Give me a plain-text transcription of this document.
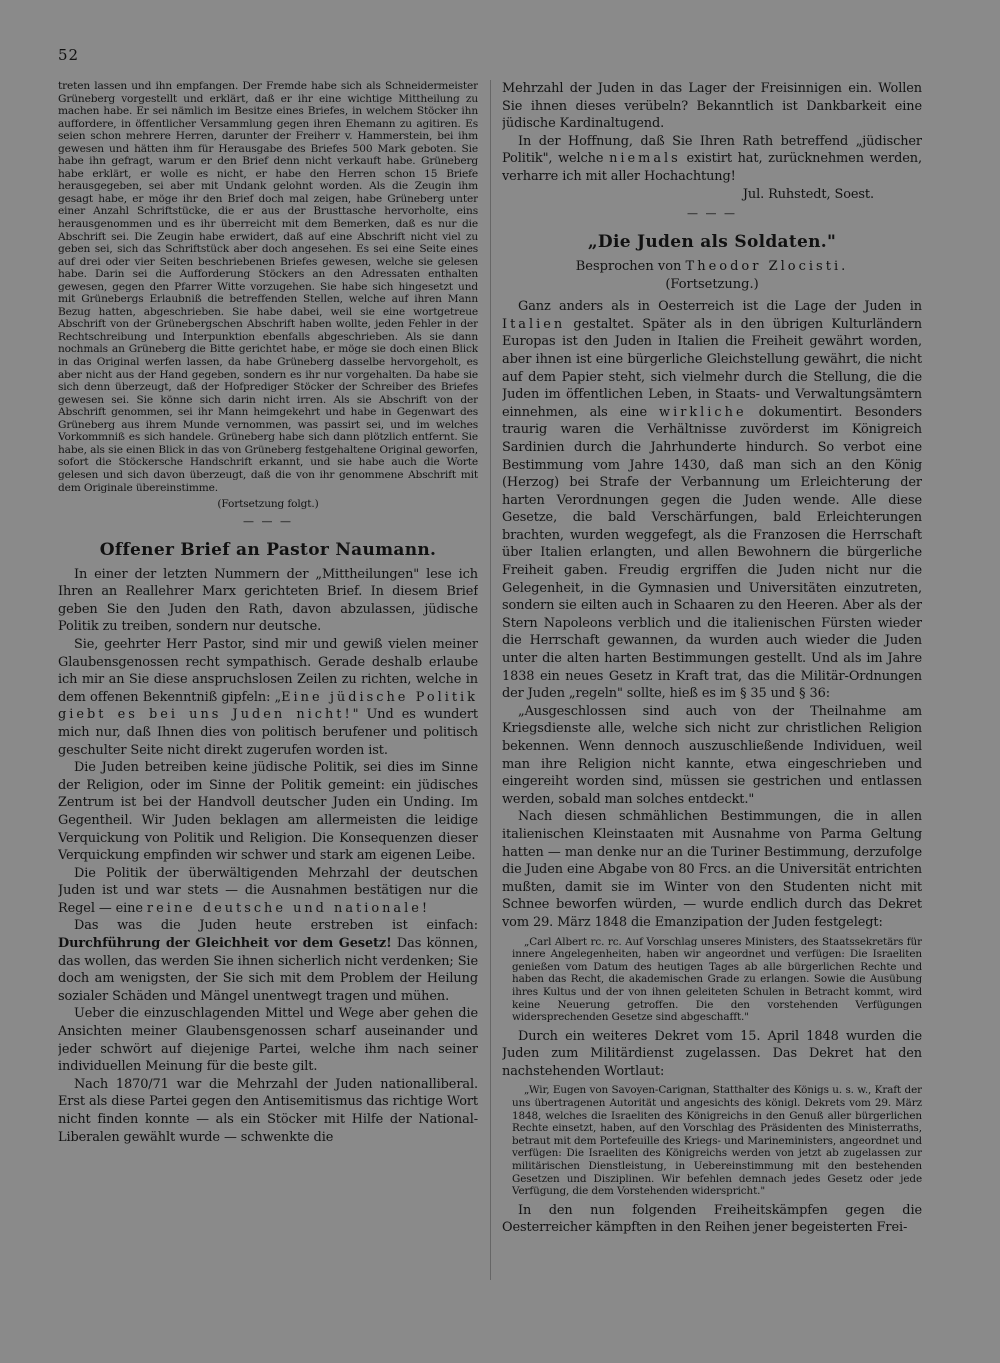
52

treten lassen und ihn empfangen. Der Fremde habe sich als Schneidermeister Grüneberg vorgestellt und erklärt, daß er ihr eine wichtige Mittheilung zu machen habe. Er sei nämlich im Besitze eines Briefes, in welchem Stöcker ihn auffordere, in öffentlicher Versammlung gegen ihren Ehemann zu agitiren. Es seien schon mehrere Herren, darunter der Freiherr v. Hammerstein, bei ihm gewesen und hätten ihm für Herausgabe des Briefes 500 Mark geboten. Sie habe ihn gefragt, warum er den Brief denn nicht verkauft habe. Grüneberg habe erklärt, er wolle es nicht, er habe den Herren schon 15 Briefe herausgegeben, sei aber mit Undank gelohnt worden. Als die Zeugin ihm gesagt habe, er möge ihr den Brief doch mal zeigen, habe Grüneberg unter einer Anzahl Schriftstücke, die er aus der Brusttasche hervorholte, eins herausgenommen und es ihr überreicht mit dem Bemerken, daß es nur die Abschrift sei. Die Zeugin habe erwidert, daß auf eine Abschrift nicht viel zu geben sei, sich das Schriftstück aber doch angesehen. Es sei eine Seite eines auf drei oder vier Seiten beschriebenen Briefes gewesen, welche sie gelesen habe. Darin sei die Aufforderung Stöckers an den Adressaten enthalten gewesen, gegen den Pfarrer Witte vorzugehen. Sie habe sich hingesetzt und mit Grünebergs Erlaubniß die betreffenden Stellen, welche auf ihren Mann Bezug hatten, abgeschrieben. Sie habe dabei, weil sie eine wortgetreue Abschrift von der Grünebergschen Abschrift haben wollte, jeden Fehler in der Rechtschreibung und Interpunktion ebenfalls abgeschrieben. Als sie dann nochmals an Grüneberg die Bitte gerichtet habe, er möge sie doch einen Blick in das Original werfen lassen, da habe Grüneberg dasselbe hervorgeholt, es aber nicht aus der Hand gegeben, sondern es ihr nur vorgehalten. Da habe sie sich denn überzeugt, daß der Hofprediger Stöcker der Schreiber des Briefes gewesen sei. Sie könne sich darin nicht irren. Als sie Abschrift von der Abschrift genommen, sei ihr Mann heimgekehrt und habe in Gegenwart des Grüneberg aus ihrem Munde vernommen, was passirt sei, und im welches Vorkommniß es sich handele. Grüneberg habe sich dann plötzlich entfernt. Sie habe, als sie einen Blick in das von Grüneberg festgehaltene Original geworfen, sofort die Stöckersche Handschrift erkannt, und sie habe auch die Worte gelesen und sich davon überzeugt, daß die von ihr genommene Abschrift mit dem Originale übereinstimme.

(Fortsetzung folgt.)

— — —
Offener Brief an Pastor Naumann.

In einer der letzten Nummern der „Mittheilungen" lese ich Ihren an Reallehrer Marx gerichteten Brief. In diesem Brief geben Sie den Juden den Rath, davon abzulassen, jüdische Politik zu treiben, sondern nur deutsche.

Sie, geehrter Herr Pastor, sind mir und gewiß vielen meiner Glaubensgenossen recht sympathisch. Gerade deshalb erlaube ich mir an Sie diese anspruchslosen Zeilen zu richten, welche in dem offenen Bekenntniß gipfeln: „Eine jüdische Politik giebt es bei uns Juden nicht!" Und es wundert mich nur, daß Ihnen dies von politisch berufener und politisch geschulter Seite nicht direkt zugerufen worden ist.

Die Juden betreiben keine jüdische Politik, sei dies im Sinne der Religion, oder im Sinne der Politik gemeint: ein jüdisches Zentrum ist bei der Handvoll deutscher Juden ein Unding. Im Gegentheil. Wir Juden beklagen am allermeisten die leidige Verquickung von Politik und Religion. Die Konsequenzen dieser Verquickung empfinden wir schwer und stark am eigenen Leibe.

Die Politik der überwältigenden Mehrzahl der deutschen Juden ist und war stets — die Ausnahmen bestätigen nur die Regel — eine reine deutsche und nationale!

Das was die Juden heute erstreben ist einfach: Durchführung der Gleichheit vor dem Gesetz! Das können, das wollen, das werden Sie ihnen sicherlich nicht verdenken; Sie doch am wenigsten, der Sie sich mit dem Problem der Heilung sozialer Schäden und Mängel unentwegt tragen und mühen.

Ueber die einzuschlagenden Mittel und Wege aber gehen die Ansichten meiner Glaubensgenossen scharf auseinander und jeder schwört auf diejenige Partei, welche ihm nach seiner individuellen Meinung für die beste gilt.

Nach 1870/71 war die Mehrzahl der Juden nationalliberal. Erst als diese Partei gegen den Antisemitismus das richtige Wort nicht finden konnte — als ein Stöcker mit Hilfe der National-Liberalen gewählt wurde — schwenkte die

Mehrzahl der Juden in das Lager der Freisinnigen ein. Wollen Sie ihnen dieses verübeln? Bekanntlich ist Dankbarkeit eine jüdische Kardinaltugend.

In der Hoffnung, daß Sie Ihren Rath betreffend „jüdischer Politik", welche niemals existirt hat, zurücknehmen werden, verharre ich mit aller Hochachtung!

Jul. Ruhstedt, Soest.

— — —
„Die Juden als Soldaten."
Besprochen von Theodor Zlocisti.
(Fortsetzung.)

Ganz anders als in Oesterreich ist die Lage der Juden in Italien gestaltet. Später als in den übrigen Kulturländern Europas ist den Juden in Italien die Freiheit gewährt worden, aber ihnen ist eine bürgerliche Gleichstellung gewährt, die nicht auf dem Papier steht, sich vielmehr durch die Stellung, die die Juden im öffentlichen Leben, in Staats- und Verwaltungsämtern einnehmen, als eine wirkliche dokumentirt. Besonders traurig waren die Verhältnisse zuvörderst im Königreich Sardinien durch die Jahrhunderte hindurch. So verbot eine Bestimmung vom Jahre 1430, daß man sich an den König (Herzog) bei Strafe der Verbannung um Erleichterung der harten Verordnungen gegen die Juden wende. Alle diese Gesetze, die bald Verschärfungen, bald Erleichterungen brachten, wurden weggefegt, als die Franzosen die Herrschaft über Italien erlangten, und allen Bewohnern die bürgerliche Freiheit gaben. Freudig ergriffen die Juden nicht nur die Gelegenheit, in die Gymnasien und Universitäten einzutreten, sondern sie eilten auch in Schaaren zu den Heeren. Aber als der Stern Napoleons verblich und die italienischen Fürsten wieder die Herrschaft gewannen, da wurden auch wieder die Juden unter die alten harten Bestimmungen gestellt. Und als im Jahre 1838 ein neues Gesetz in Kraft trat, das die Militär-Ordnungen der Juden „regeln" sollte, hieß es im § 35 und § 36:

„Ausgeschlossen sind auch von der Theilnahme am Kriegsdienste alle, welche sich nicht zur christlichen Religion bekennen. Wenn dennoch auszuschließende Individuen, weil man ihre Religion nicht kannte, etwa eingeschrieben und eingereiht worden sind, müssen sie gestrichen und entlassen werden, sobald man solches entdeckt."

Nach diesen schmählichen Bestimmungen, die in allen italienischen Kleinstaaten mit Ausnahme von Parma Geltung hatten — man denke nur an die Turiner Bestimmung, derzufolge die Juden eine Abgabe von 80 Frcs. an die Universität entrichten mußten, damit sie im Winter von den Studenten nicht mit Schnee beworfen würden, — wurde endlich durch das Dekret vom 29. März 1848 die Emanzipation der Juden festgelegt:

„Carl Albert rc. rc. Auf Vorschlag unseres Ministers, des Staatssekretärs für innere Angelegenheiten, haben wir angeordnet und verfügen: Die Israeliten genießen vom Datum des heutigen Tages ab alle bürgerlichen Rechte und haben das Recht, die akademischen Grade zu erlangen. Sowie die Ausübung ihres Kultus und der von ihnen geleiteten Schulen in Betracht kommt, wird keine Neuerung getroffen. Die den vorstehenden Verfügungen widersprechenden Gesetze sind abgeschafft."

Durch ein weiteres Dekret vom 15. April 1848 wurden die Juden zum Militärdienst zugelassen. Das Dekret hat den nachstehenden Wortlaut:

„Wir, Eugen von Savoyen-Carignan, Statthalter des Königs u. s. w., Kraft der uns übertragenen Autorität und angesichts des königl. Dekrets vom 29. März 1848, welches die Israeliten des Königreichs in den Genuß aller bürgerlichen Rechte einsetzt, haben, auf den Vorschlag des Präsidenten des Ministerraths, betraut mit dem Portefeuille des Kriegs- und Marineministers, angeordnet und verfügen: Die Israeliten des Königreichs werden von jetzt ab zugelassen zur militärischen Dienstleistung, in Uebereinstimmung mit den bestehenden Gesetzen und Disziplinen. Wir befehlen demnach jedes Gesetz oder jede Verfügung, die dem Vorstehenden widerspricht."

In den nun folgenden Freiheitskämpfen gegen die Oesterreicher kämpften in den Reihen jener begeisterten Frei-
